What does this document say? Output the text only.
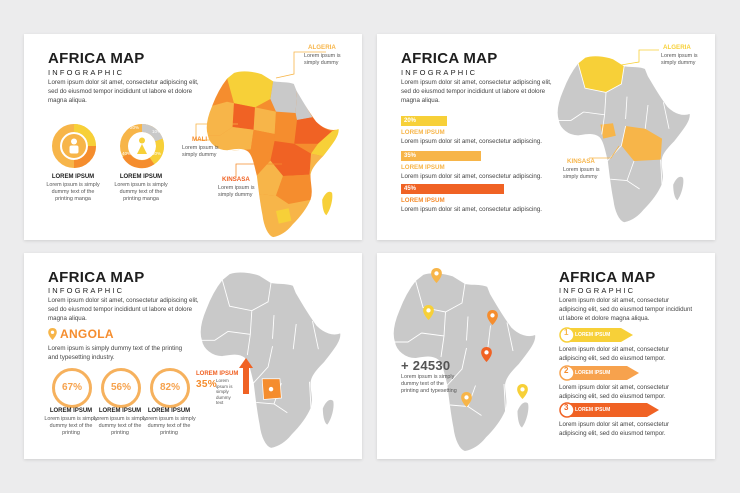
AFRICA MAP
INFOGRAPHIC
Lorem ipsum dolor sit amet, consectetur adipiscing elit, sed do eiusmod tempor incididunt ut labore et dolore magna aliqua.
ALGERIA
Lorem ipsum is simply dummy
MALI
Lorem ipsum is simply dummy
KINSASA
Lorem ipsum is simply dummy
20%
10%
30%
40%
LOREM IPSUM
Lorem ipsum is simply dummy text of the printing manga
LOREM IPSUM
Lorem ipsum is simply dummy text of the printing manga
AFRICA MAP
INFOGRAPHIC
Lorem ipsum dolor sit amet, consectetur adipiscing elit, sed do eiusmod tempor incididunt ut labore et dolore magna aliqua.
20%
LOREM IPSUM
Lorem ipsum dolor sit amet, consectetur adipiscing.
35%
LOREM IPSUM
Lorem ipsum dolor sit amet, consectetur adipiscing.
45%
LOREM IPSUM
Lorem ipsum dolor sit amet, consectetur adipiscing.
ALGERIA
Lorem ipsum is simply dummy
KINSASA
Lorem ipsum is simply dummy
AFRICA MAP
INFOGRAPHIC
Lorem ipsum dolor sit amet, consectetur adipiscing elit, sed do eiusmod tempor incididunt ut labore et dolore magna aliqua.
ANGOLA
Lorem ipsum is simply dummy text of the printing and typesetting industry.
67%	56%	82%
LOREM IPSUM
Lorem ipsum is simply dummy text of the printing
LOREM IPSUM
Lorem ipsum is simply dummy text of the printing
LOREM IPSUM
Lorem ipsum is simply dummy text of the printing
LOREM IPSUM
35% Lorem ipsum is simply dummy text
+ 24530
Lorem ipsum is simply dummy text of the printing and typesetting
AFRICA MAP
INFOGRAPHIC
Lorem ipsum dolor sit amet, consectetur adipiscing elit, sed do eiusmod tempor incididunt ut labore et dolore magna aliqua.
1 LOREM IPSUM
Lorem ipsum dolor sit amet, consectetur adipiscing elit, sed do eiusmod tempor.
2 LOREM IPSUM
Lorem ipsum dolor sit amet, consectetur adipiscing elit, sed do eiusmod tempor.
3 LOREM IPSUM
Lorem ipsum dolor sit amet, consectetur adipiscing elit, sed do eiusmod tempor.
